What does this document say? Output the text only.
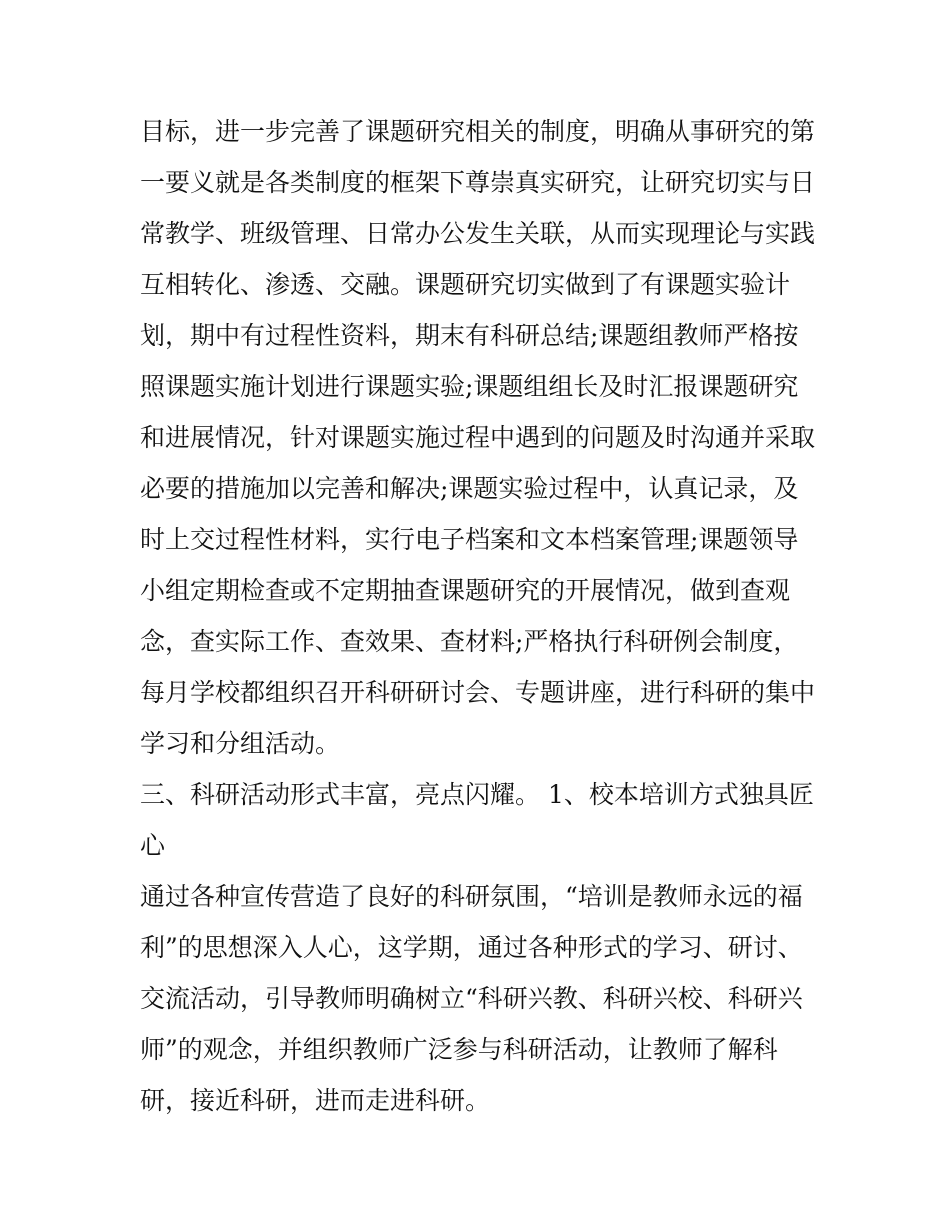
目标，进一步完善了课题研究相关的制度，明确从事研究的第
一要义就是各类制度的框架下尊崇真实研究，让研究切实与日
常教学、班级管理、日常办公发生关联，从而实现理论与实践
互相转化、渗透、交融。课题研究切实做到了有课题实验计
划，期中有过程性资料，期末有科研总结;课题组教师严格按
照课题实施计划进行课题实验;课题组组长及时汇报课题研究
和进展情况，针对课题实施过程中遇到的问题及时沟通并采取
必要的措施加以完善和解决;课题实验过程中，认真记录，及
时上交过程性材料，实行电子档案和文本档案管理;课题领导
小组定期检查或不定期抽查课题研究的开展情况，做到查观
念，查实际工作、查效果、查材料;严格执行科研例会制度，
每月学校都组织召开科研研讨会、专题讲座，进行科研的集中
学习和分组活动。
三、科研活动形式丰富，亮点闪耀。 1、校本培训方式独具匠
心
通过各种宣传营造了良好的科研氛围，“培训是教师永远的福
利”的思想深入人心，这学期，通过各种形式的学习、研讨、
交流活动，引导教师明确树立“科研兴教、科研兴校、科研兴
师”的观念，并组织教师广泛参与科研活动，让教师了解科
研，接近科研，进而走进科研。
